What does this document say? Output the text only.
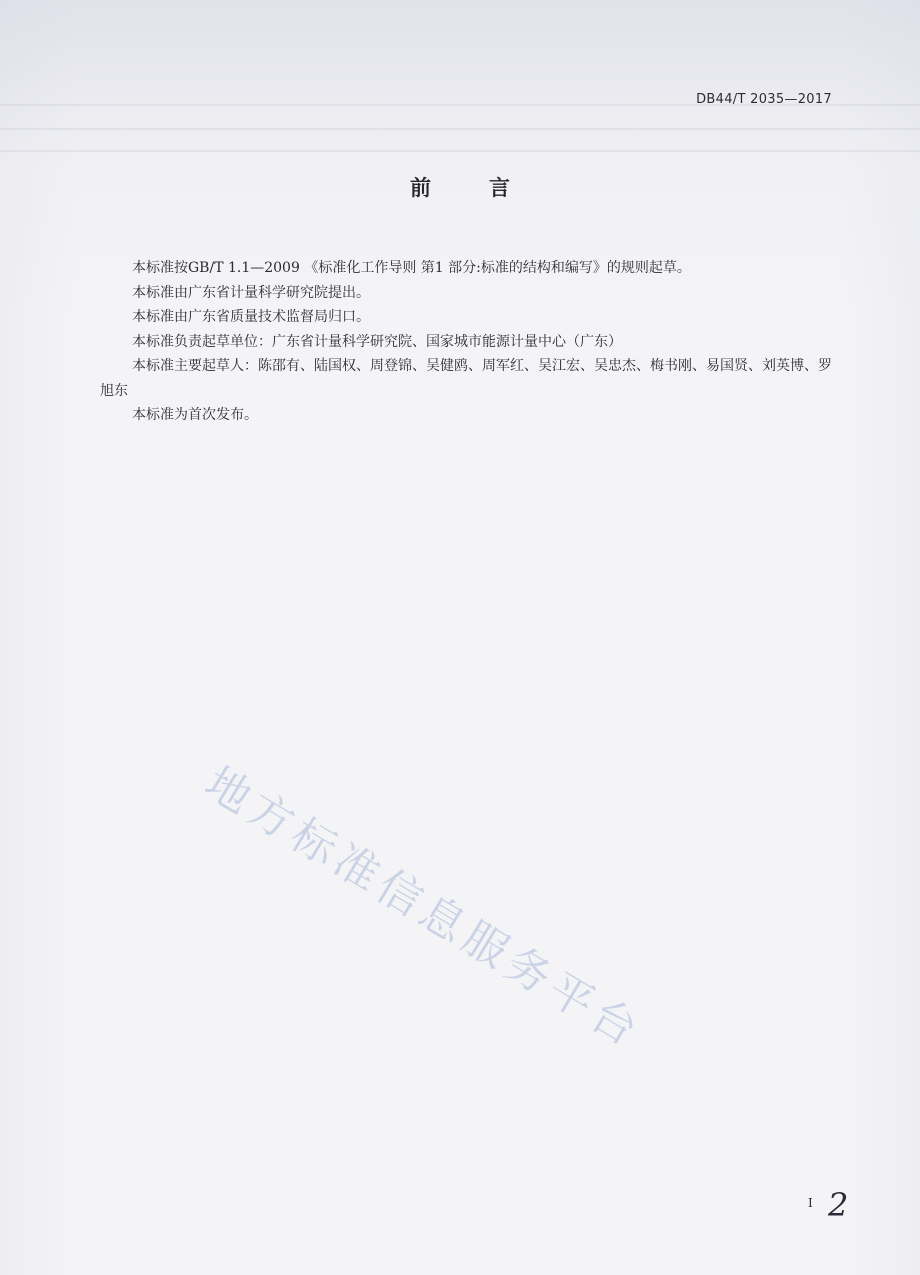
DB44/T 2035—2017
前	言

本标准按GB/T 1.1—2009 《标准化工作导则 第1 部分:标准的结构和编写》的规则起草。

本标准由广东省计量科学研究院提出。

本标准由广东省质量技术监督局归口。

本标准负责起草单位：广东省计量科学研究院、国家城市能源计量中心（广东）

本标准主要起草人：陈邵有、陆国权、周登锦、吴健鸥、周军红、吴江宏、吴忠杰、梅书刚、易国贤、刘英博、罗旭东

本标准为首次发布。

地方标准信息服务平台
I 2
